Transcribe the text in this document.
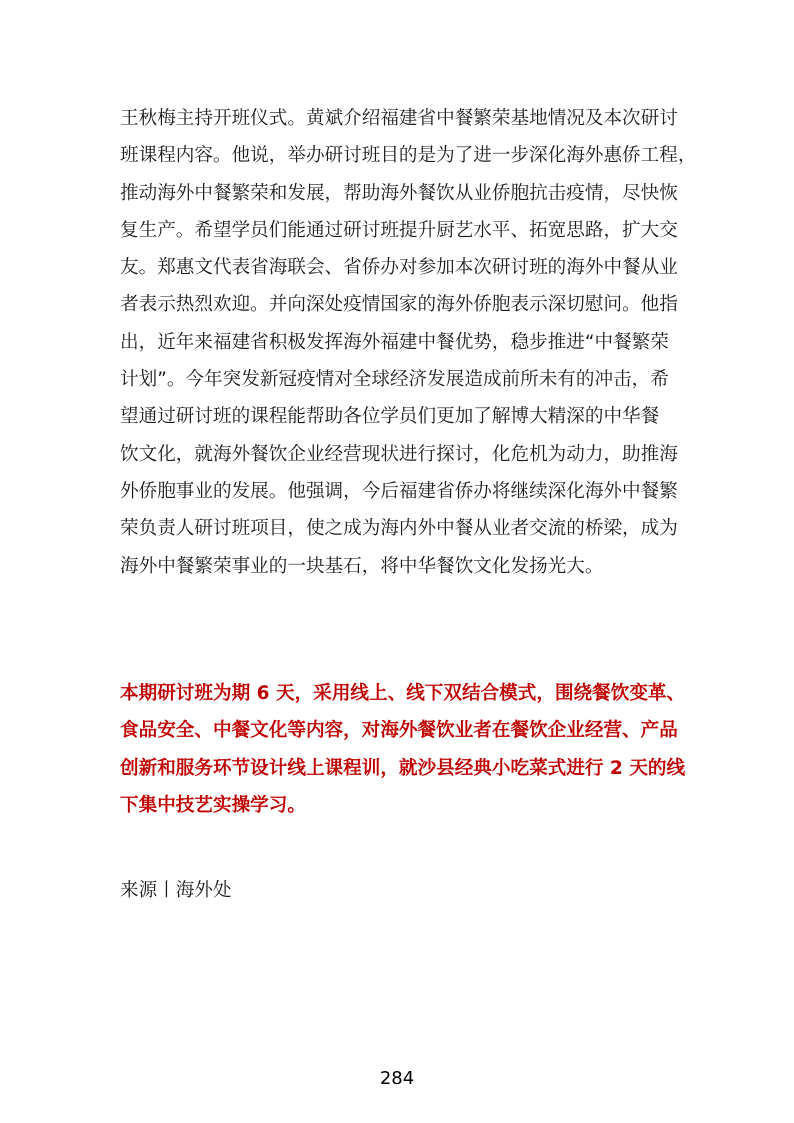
王秋梅主持开班仪式。黄斌介绍福建省中餐繁荣基地情况及本次研讨
班课程内容。他说，举办研讨班目的是为了进一步深化海外惠侨工程，
推动海外中餐繁荣和发展，帮助海外餐饮从业侨胞抗击疫情，尽快恢
复生产。希望学员们能通过研讨班提升厨艺水平、拓宽思路，扩大交
友。郑惠文代表省海联会、省侨办对参加本次研讨班的海外中餐从业
者表示热烈欢迎。并向深处疫情国家的海外侨胞表示深切慰问。他指
出，近年来福建省积极发挥海外福建中餐优势，稳步推进“中餐繁荣
计划”。今年突发新冠疫情对全球经济发展造成前所未有的冲击，希
望通过研讨班的课程能帮助各位学员们更加了解博大精深的中华餐
饮文化，就海外餐饮企业经营现状进行探讨，化危机为动力，助推海
外侨胞事业的发展。他强调，今后福建省侨办将继续深化海外中餐繁
荣负责人研讨班项目，使之成为海内外中餐从业者交流的桥梁，成为
海外中餐繁荣事业的一块基石，将中华餐饮文化发扬光大。
本期研讨班为期 6 天，采用线上、线下双结合模式，围绕餐饮变革、
食品安全、中餐文化等内容，对海外餐饮业者在餐饮企业经营、产品
创新和服务环节设计线上课程训，就沙县经典小吃菜式进行 2 天的线
下集中技艺实操学习。
来源丨海外处
284
